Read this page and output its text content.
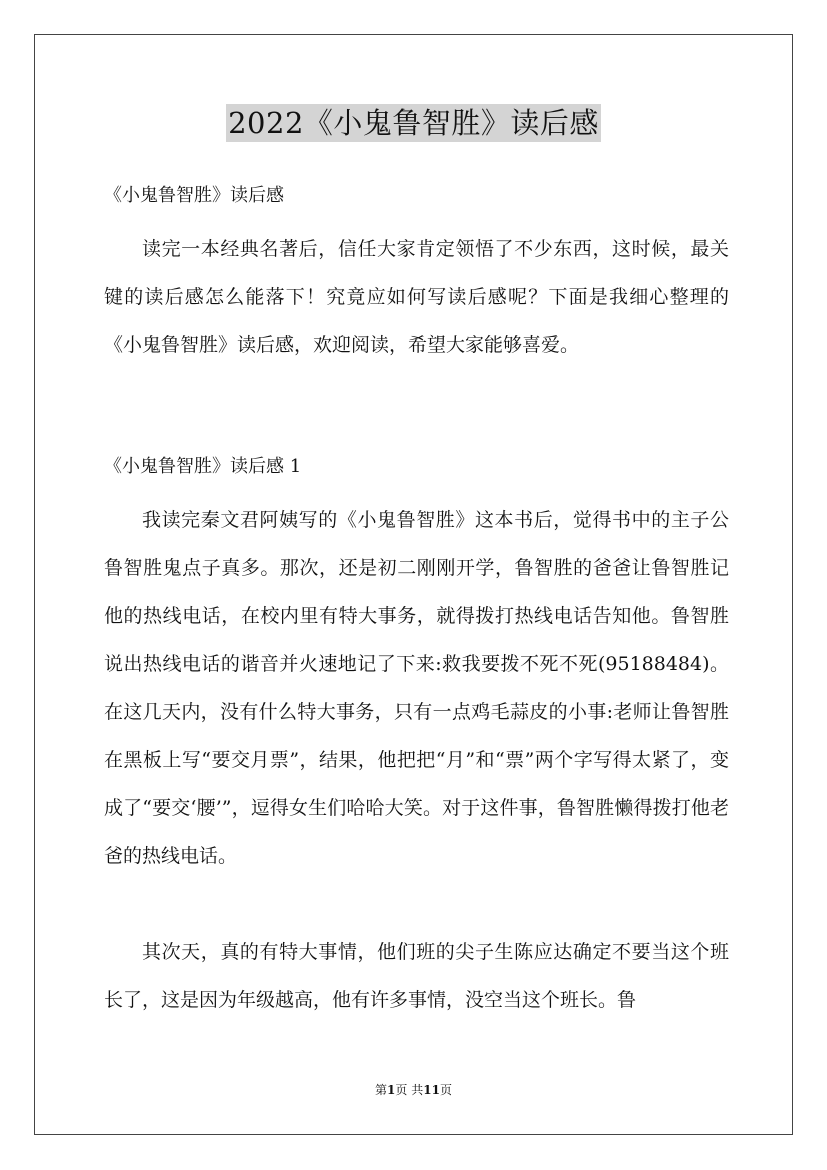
2022《小鬼鲁智胜》读后感
《小鬼鲁智胜》读后感

读完一本经典名著后，信任大家肯定领悟了不少东西，这时候，最关键的读后感怎么能落下！究竟应如何写读后感呢？下面是我细心整理的《小鬼鲁智胜》读后感，欢迎阅读，希望大家能够喜爱。

《小鬼鲁智胜》读后感 1

我读完秦文君阿姨写的《小鬼鲁智胜》这本书后，觉得书中的主子公鲁智胜鬼点子真多。那次，还是初二刚刚开学，鲁智胜的爸爸让鲁智胜记他的热线电话，在校内里有特大事务，就得拨打热线电话告知他。鲁智胜说出热线电话的谐音并火速地记了下来:救我要拨不死不死(95188484)。在这几天内，没有什么特大事务，只有一点鸡毛蒜皮的小事:老师让鲁智胜在黑板上写“要交月票”，结果，他把把“月”和“票”两个字写得太紧了，变成了“要交‘腰’”，逗得女生们哈哈大笑。对于这件事，鲁智胜懒得拨打他老爸的热线电话。

其次天，真的有特大事情，他们班的尖子生陈应达确定不要当这个班长了，这是因为年级越高，他有许多事情，没空当这个班长。鲁

第1页 共11页
